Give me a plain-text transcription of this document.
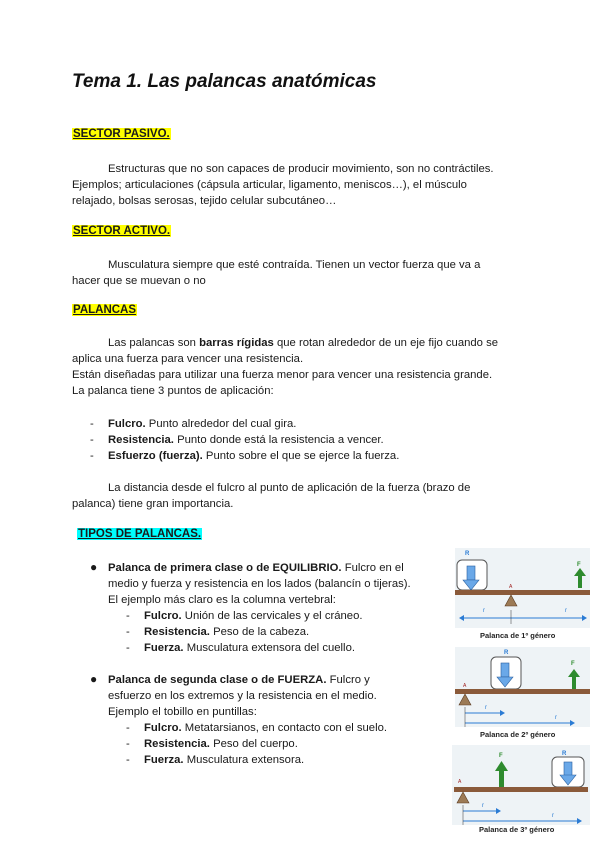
Tema 1. Las palancas anatómicas
SECTOR PASIVO.
Estructuras que no son capaces de producir movimiento, son no contráctiles.
Ejemplos; articulaciones (cápsula articular, ligamento, meniscos…), el músculo
relajado, bolsas serosas, tejido celular subcutáneo…
SECTOR ACTIVO.
Musculatura siempre que esté contraída. Tienen un vector fuerza que va a
hacer que se muevan o no
PALANCAS
Las palancas son barras rígidas que rotan alrededor de un eje fijo cuando se
aplica una fuerza para vencer una resistencia.
Están diseñadas para utilizar una fuerza menor para vencer una resistencia grande.
La palanca tiene 3 puntos de aplicación:
- Fulcro. Punto alrededor del cual gira.
- Resistencia. Punto donde está la resistencia a vencer.
- Esfuerzo (fuerza). Punto sobre el que se ejerce la fuerza.
La distancia desde el fulcro al punto de aplicación de la fuerza (brazo de
palanca) tiene gran importancia.
TIPOS DE PALANCAS.
● Palanca de primera clase o de EQUILIBRIO. Fulcro en el
medio y fuerza y resistencia en los lados (balancín o tijeras).
El ejemplo más claro es la columna vertebral:
- Fulcro. Unión de las cervicales y el cráneo.
- Resistencia. Peso de la cabeza.
- Fuerza. Musculatura extensora del cuello.
● Palanca de segunda clase o de FUERZA. Fulcro y
esfuerzo en los extremos y la resistencia en el medio.
Ejemplo el tobillo en puntillas:
- Fulcro. Metatarsianos, en contacto con el suelo.
- Resistencia. Peso del cuerpo.
- Fuerza. Musculatura extensora.
R
F
A
r	r
Palanca de 1º género
R
F
A
r
r
Palanca de 2º género
R
F
A
r
r
Palanca de 3º género
